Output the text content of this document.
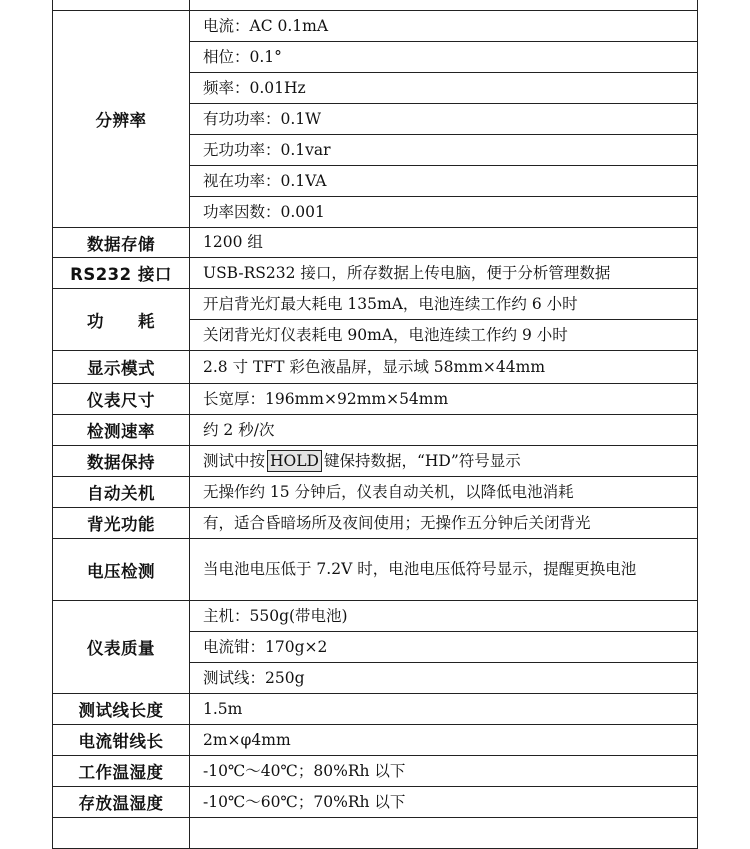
分辨率	电流：AC 0.1mA
	相位：0.1°
	频率：0.01Hz
	有功功率：0.1W
	无功功率：0.1var
	视在功率：0.1VA
	功率因数：0.001
数据存储	1200 组
RS232 接口	USB-RS232 接口，所存数据上传电脑，便于分析管理数据
功 耗	开启背光灯最大耗电 135mA，电池连续工作约 6 小时
	关闭背光灯仪表耗电 90mA，电池连续工作约 9 小时
显示模式	2.8 寸 TFT 彩色液晶屏，显示域 58mm×44mm
仪表尺寸	长宽厚：196mm×92mm×54mm
检测速率	约 2 秒/次
数据保持	测试中按 HOLD 键保持数据，“HD”符号显示
自动关机	无操作约 15 分钟后，仪表自动关机，以降低电池消耗
背光功能	有，适合昏暗场所及夜间使用；无操作五分钟后关闭背光
电压检测	当电池电压低于 7.2V 时，电池电压低符号显示，提醒更换电池
仪表质量	主机：550g(带电池)
	电流钳：170g×2
	测试线：250g
测试线长度	1.5m
电流钳线长	2m×φ4mm
工作温湿度	-10℃～40℃；80%Rh 以下
存放温湿度	-10℃～60℃；70%Rh 以下
